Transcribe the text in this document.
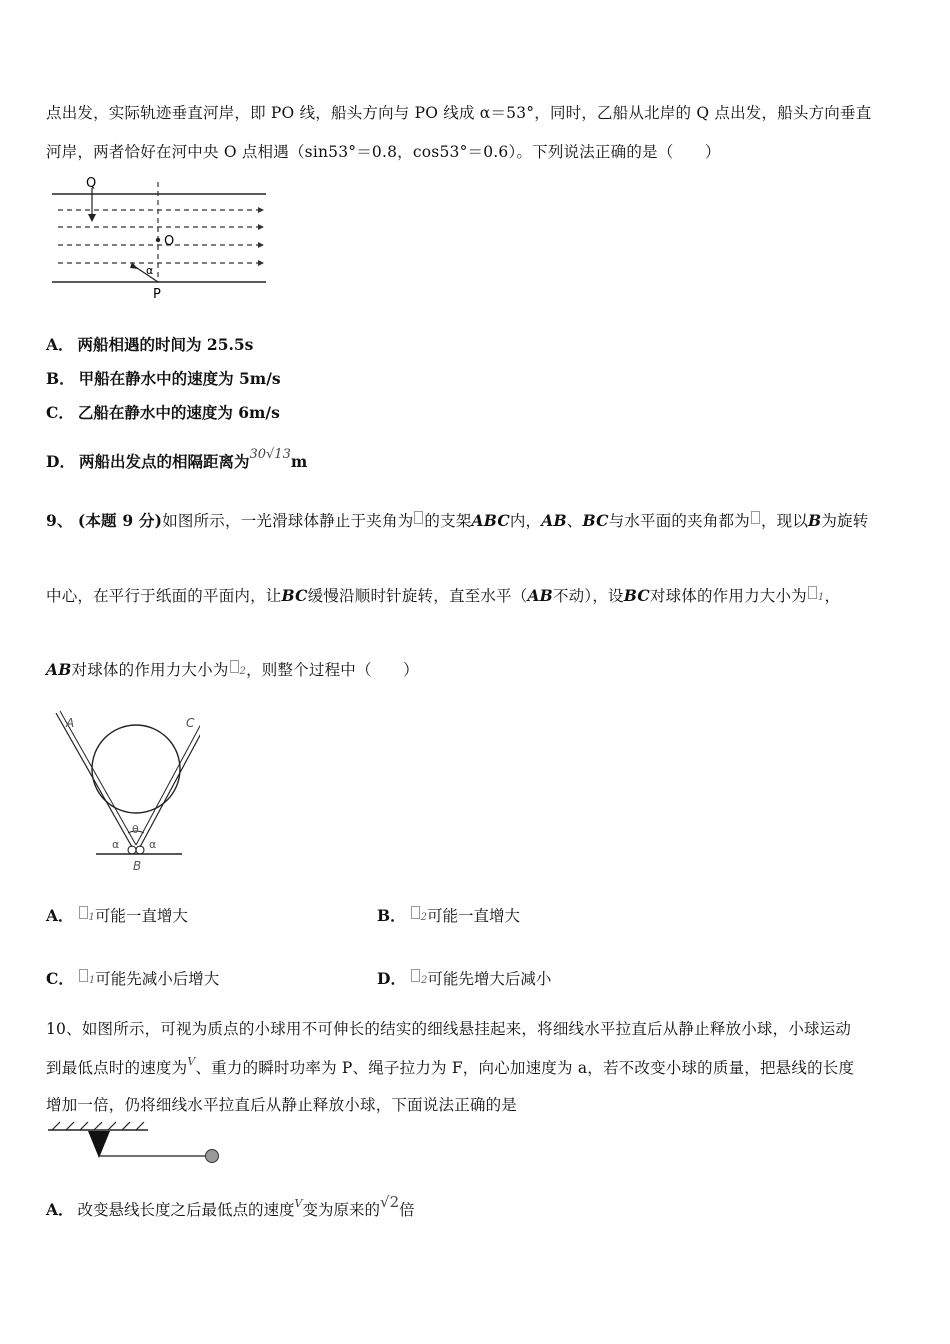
点出发，实际轨迹垂直河岸，即 PO 线，船头方向与 PO 线成 α＝53°，同时，乙船从北岸的 Q 点出发，船头方向垂直
河岸，两者恰好在河中央 O 点相遇（sin53°＝0.8，cos53°＝0.6）。下列说法正确的是（　　）
Q
O
P
α
A． 两船相遇的时间为 25.5s
B． 甲船在静水中的速度为 5m/s
C． 乙船在静水中的速度为 6m/s
D． 两船出发点的相隔距离为$^{30√13}$m
9、 (本题 9 分)如图所示，一光滑球体静止于夹角为 的支架ABC内，AB、BC与水平面的夹角都为 ，现以B为旋转
中心，在平行于纸面的平面内，让BC缓慢沿顺时针旋转，直至水平（AB不动），设BC对球体的作用力大小为 1，
AB对球体的作用力大小为 2，则整个过程中（　　）
A	C
B
θ
α	α
A． 1可能一直增大	B． 2可能一直增大
C． 1可能先减小后增大	D． 2可能先增大后减小
10、如图所示，可视为质点的小球用不可伸长的结实的细线悬挂起来，将细线水平拉直后从静止释放小球，小球运动
到最低点时的速度为$^V$、重力的瞬时功率为 P、绳子拉力为 F，向心加速度为 a，若不改变小球的质量，把悬线的长度
增加一倍，仍将细线水平拉直后从静止释放小球，下面说法正确的是
A． 改变悬线长度之后最低点的速度$^V$变为原来的√2倍
